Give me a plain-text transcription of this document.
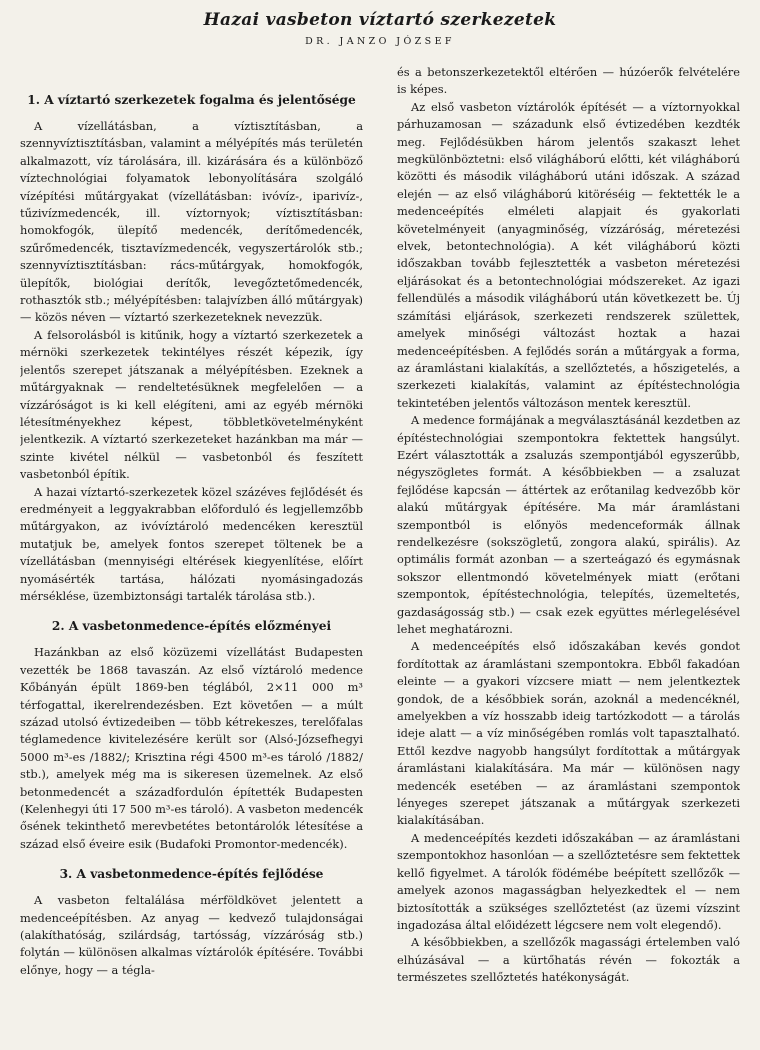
Hazai vasbeton víztartó szerkezetek
DR. JANZO JÓZSEF
1. A víztartó szerkezetek fogalma és jelentősége

A vízellátásban, a víztisztításban, a szennyvíztisztításban, valamint a mélyépítés más területén alkalmazott, víz tárolására, ill. kizárására és a különböző víztechnológiai folyamatok lebonyolítására szolgáló vízépítési műtárgyakat (vízellátásban: ivóvíz-, iparivíz-, tűzivízmedencék, ill. víztornyok; víztisztításban: homokfogók, ülepítő medencék, derítőmedencék, szűrőmedencék, tisztavízmedencék, vegyszertárolók stb.; szennyvíztisztításban: rács-műtárgyak, homokfogók, ülepítők, biológiai derítők, levegőztetőmedencék, rothasztók stb.; mélyépítésben: talajvízben álló műtárgyak) — közös néven — víztartó szerkezeteknek nevezzük.

A felsorolásból is kitűnik, hogy a víztartó szerkezetek a mérnöki szerkezetek tekintélyes részét képezik, így jelentős szerepet játszanak a mélyépítésben. Ezeknek a műtárgyaknak — rendeltetésüknek megfelelően — a vízzáróságot is ki kell elégíteni, ami az egyéb mérnöki létesítményekhez képest, többletkövetelményként jelentkezik. A víztartó szerkezeteket hazánkban ma már — szinte kivétel nélkül — vasbetonból és feszített vasbetonból építik.

A hazai víztartó-szerkezetek közel százéves fejlődését és eredményeit a leggyakrabban előforduló és legjellemzőbb műtárgyakon, az ivóvíztároló medencéken keresztül mutatjuk be, amelyek fontos szerepet töltenek be a vízellátásban (mennyiségi eltérések kiegyenlítése, előírt nyomásérték tartása, hálózati nyomásingadozás mérséklése, üzembiztonsági tartalék tárolása stb.).

2. A vasbetonmedence-építés előzményei

Hazánkban az első közüzemi vízellátást Budapesten vezették be 1868 tavaszán. Az első víztároló medence Kőbányán épült 1869-ben téglából, 2×11 000 m³ térfogattal, ikerelrendezésben. Ezt követően — a múlt század utolsó évtizedeiben — több kétrekeszes, terelőfalas téglamedence kivitelezésére került sor (Alsó-Józsefhegyi 5000 m³-es /1882/; Krisztina régi 4500 m³-es tároló /1882/ stb.), amelyek még ma is sikeresen üzemelnek. Az első betonmedencét a századfordulón építették Budapesten (Kelenhegyi úti 17 500 m³-es tároló). A vasbeton medencék ősének tekinthető merevbetétes betontárolók létesítése a század első éveire esik (Budafoki Promontor-medencék).

3. A vasbetonmedence-építés fejlődése

A vasbeton feltalálása mérföldkövet jelentett a medenceépítésben. Az anyag — kedvező tulajdonságai (alakíthatóság, szilárdság, tartósság, vízzáróság stb.) folytán — különösen alkalmas víztárolók építésére. További előnye, hogy — a tégla-

és a betonszerkezetektől eltérően — húzóerők felvételére is képes.

Az első vasbeton víztárolók építését — a víztornyokkal párhuzamosan — századunk első évtizedében kezdték meg. Fejlődésükben három jelentős szakaszt lehet megkülönböztetni: első világháború előtti, két világháború közötti és második világháború utáni időszak. A század elején — az első világháború kitöréséig — fektették le a medenceépítés elméleti alapjait és gyakorlati követelményeit (anyagminőség, vízzáróság, méretezési elvek, betontechnológia). A két világháború közti időszakban tovább fejlesztették a vasbeton méretezési eljárásokat és a betontechnológiai módszereket. Az igazi fellendülés a második világháború után következett be. Új számítási eljárások, szerkezeti rendszerek születtek, amelyek minőségi változást hoztak a hazai medenceépítésben. A fejlődés során a műtárgyak a forma, az áramlástani kialakítás, a szellőztetés, a hőszigetelés, a szerkezeti kialakítás, valamint az építéstechnológia tekintetében jelentős változáson mentek keresztül.

A medence formájának a megválasztásánál kezdetben az építéstechnológiai szempontokra fektettek hangsúlyt. Ezért választották a zsaluzás szempontjából egyszerűbb, négyszögletes formát. A későbbiekben — a zsaluzat fejlődése kapcsán — áttértek az erőtanilag kedvezőbb kör alakú műtárgyak építésére. Ma már áramlástani szempontból is előnyös medenceformák állnak rendelkezésre (sokszögletű, zongora alakú, spirális). Az optimális formát azonban — a szerteágazó és egymásnak sokszor ellentmondó követelmények miatt (erőtani szempontok, építéstechnológia, telepítés, üzemeltetés, gazdaságosság stb.) — csak ezek együttes mérlegelésével lehet meghatározni.

A medenceépítés első időszakában kevés gondot fordítottak az áramlástani szempontokra. Ebből fakadóan eleinte — a gyakori vízcsere miatt — nem jelentkeztek gondok, de a későbbiek során, azoknál a medencéknél, amelyekben a víz hosszabb ideig tartózkodott — a tárolás ideje alatt — a víz minőségében romlás volt tapasztalható. Ettől kezdve nagyobb hangsúlyt fordítottak a műtárgyak áramlástani kialakítására. Ma már — különösen nagy medencék esetében — az áramlástani szempontok lényeges szerepet játszanak a műtárgyak szerkezeti kialakításában.

A medenceépítés kezdeti időszakában — az áramlástani szempontokhoz hasonlóan — a szellőztetésre sem fektettek kellő figyelmet. A tárolók födémébe beépített szellőzők — amelyek azonos magasságban helyezkedtek el — nem biztosították a szükséges szellőztetést (az üzemi vízszint ingadozása által előidézett légcsere nem volt elegendő).

A későbbiekben, a szellőzők magassági értelemben való elhúzásával — a kürtőhatás révén — fokozták a természetes szellőztetés hatékonyságát.
